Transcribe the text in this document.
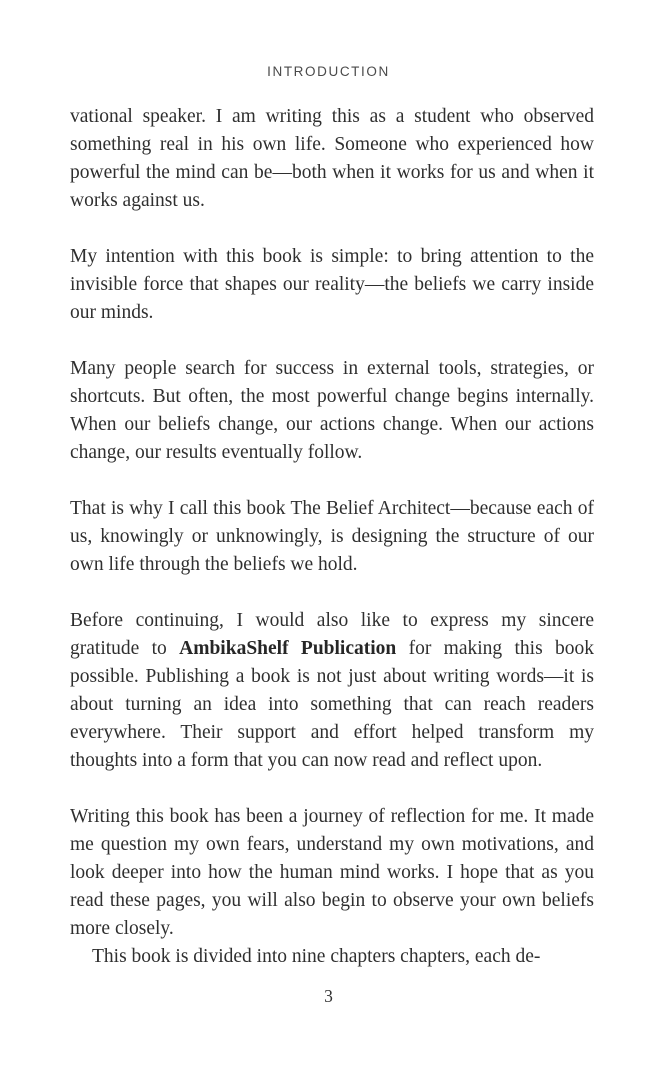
INTRODUCTION

vational speaker. I am writing this as a student who observed something real in his own life. Someone who experienced how powerful the mind can be—both when it works for us and when it works against us.

My intention with this book is simple: to bring attention to the invisible force that shapes our reality—the beliefs we carry inside our minds.

Many people search for success in external tools, strategies, or shortcuts. But often, the most powerful change begins internally. When our beliefs change, our actions change. When our actions change, our results eventually follow.

That is why I call this book The Belief Architect—because each of us, knowingly or unknowingly, is designing the structure of our own life through the beliefs we hold.

Before continuing, I would also like to express my sincere gratitude to AmbikaShelf Publication for making this book possible. Publishing a book is not just about writing words—it is about turning an idea into something that can reach readers everywhere. Their support and effort helped transform my thoughts into a form that you can now read and reflect upon.

Writing this book has been a journey of reflection for me. It made me question my own fears, understand my own motivations, and look deeper into how the human mind works. I hope that as you read these pages, you will also begin to observe your own beliefs more closely.

This book is divided into nine chapters chapters, each de-

3
